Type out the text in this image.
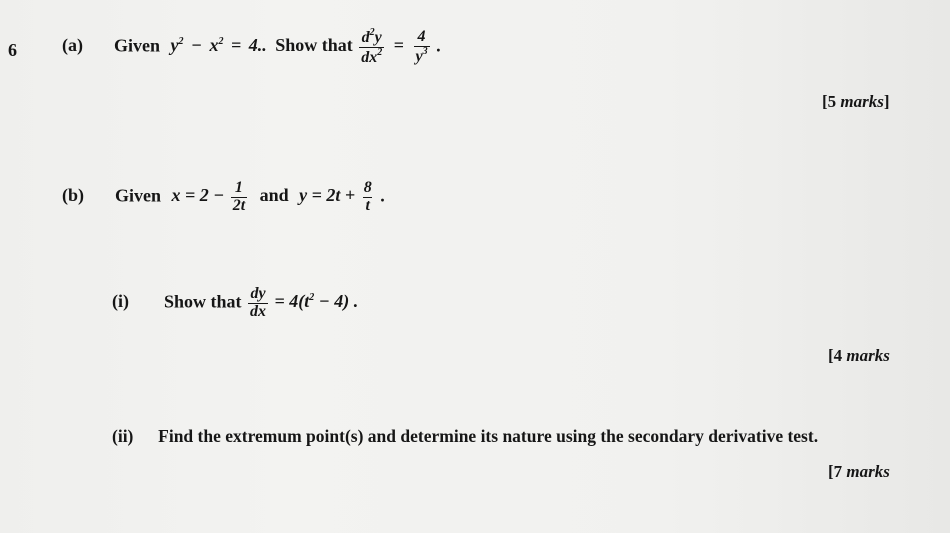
6	(a) Given $y^2 - x^2 = 4$.. Show that $\frac{d^2y}{dx^2} = \frac{4}{y^3}$ .
[5 marks]
(b) Given $x = 2 - \frac{1}{2t}$ and $y = 2t + \frac{8}{t}$ .
(i) Show that $\frac{dy}{dx} = 4(t^2 - 4)$ .
[4 marks
(ii) Find the extremum point(s) and determine its nature using the secondary derivative test.
[7 marks
